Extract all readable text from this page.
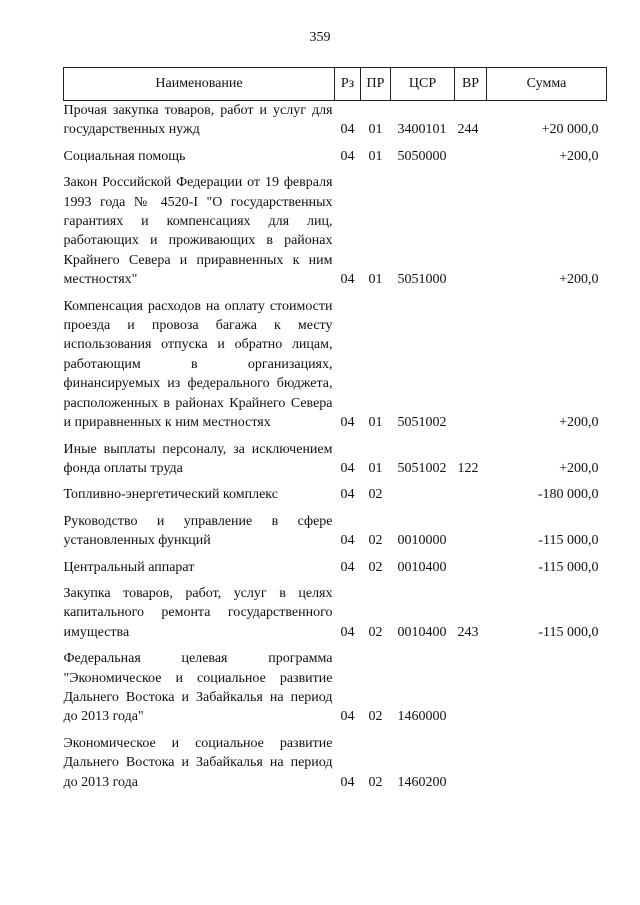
359
Наименование	Рз	ПР	ЦСР	ВР	Сумма
Прочая закупка товаров, работ и услуг для государственных нужд	04	01	3400101	244	+20 000,0
Социальная помощь	04	01	5050000		+200,0
Закон Российской Федерации от 19 февраля 1993 года № 4520-I "О государственных гарантиях и компенсациях для лиц, работающих и проживающих в районах Крайнего Севера и приравненных к ним местностях"	04	01	5051000		+200,0
Компенсация расходов на оплату стоимости проезда и провоза багажа к месту использования отпуска и обратно лицам, работающим в организациях, финансируемых из федерального бюджета, расположенных в районах Крайнего Севера и приравненных к ним местностях	04	01	5051002		+200,0
Иные выплаты персоналу, за исключением фонда оплаты труда	04	01	5051002	122	+200,0
Топливно-энергетический комплекс	04	02			-180 000,0
Руководство и управление в сфере установленных функций	04	02	0010000		-115 000,0
Центральный аппарат	04	02	0010400		-115 000,0
Закупка товаров, работ, услуг в целях капитального ремонта государственного имущества	04	02	0010400	243	-115 000,0
Федеральная целевая программа "Экономическое и социальное развитие Дальнего Востока и Забайкалья на период до 2013 года"	04	02	1460000		
Экономическое и социальное развитие Дальнего Востока и Забайкалья на период до 2013 года	04	02	1460200		
